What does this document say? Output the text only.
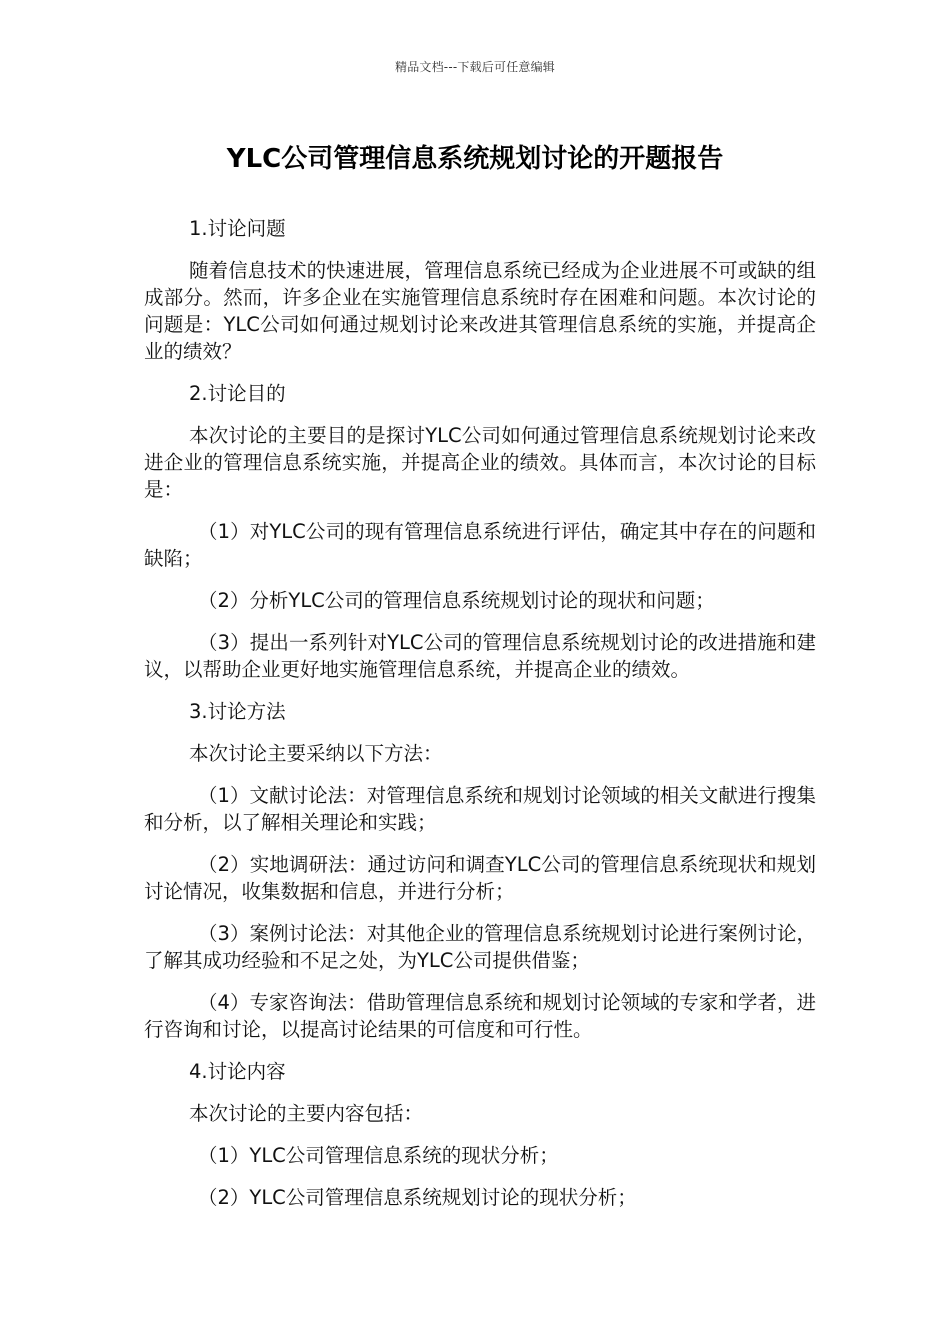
精品文档---下载后可任意编辑
YLC公司管理信息系统规划讨论的开题报告

1.讨论问题

随着信息技术的快速进展，管理信息系统已经成为企业进展不可或缺的组成部分。然而，许多企业在实施管理信息系统时存在困难和问题。本次讨论的问题是：YLC公司如何通过规划讨论来改进其管理信息系统的实施，并提高企业的绩效？

2.讨论目的

本次讨论的主要目的是探讨YLC公司如何通过管理信息系统规划讨论来改进企业的管理信息系统实施，并提高企业的绩效。具体而言，本次讨论的目标是：

（1）对YLC公司的现有管理信息系统进行评估，确定其中存在的问题和缺陷；

（2）分析YLC公司的管理信息系统规划讨论的现状和问题；

（3）提出一系列针对YLC公司的管理信息系统规划讨论的改进措施和建议，以帮助企业更好地实施管理信息系统，并提高企业的绩效。

3.讨论方法

本次讨论主要采纳以下方法：

（1）文献讨论法：对管理信息系统和规划讨论领域的相关文献进行搜集和分析，以了解相关理论和实践；

（2）实地调研法：通过访问和调查YLC公司的管理信息系统现状和规划讨论情况，收集数据和信息，并进行分析；

（3）案例讨论法：对其他企业的管理信息系统规划讨论进行案例讨论，了解其成功经验和不足之处，为YLC公司提供借鉴；

（4）专家咨询法：借助管理信息系统和规划讨论领域的专家和学者，进行咨询和讨论，以提高讨论结果的可信度和可行性。

4.讨论内容

本次讨论的主要内容包括：

（1）YLC公司管理信息系统的现状分析；

（2）YLC公司管理信息系统规划讨论的现状分析；
